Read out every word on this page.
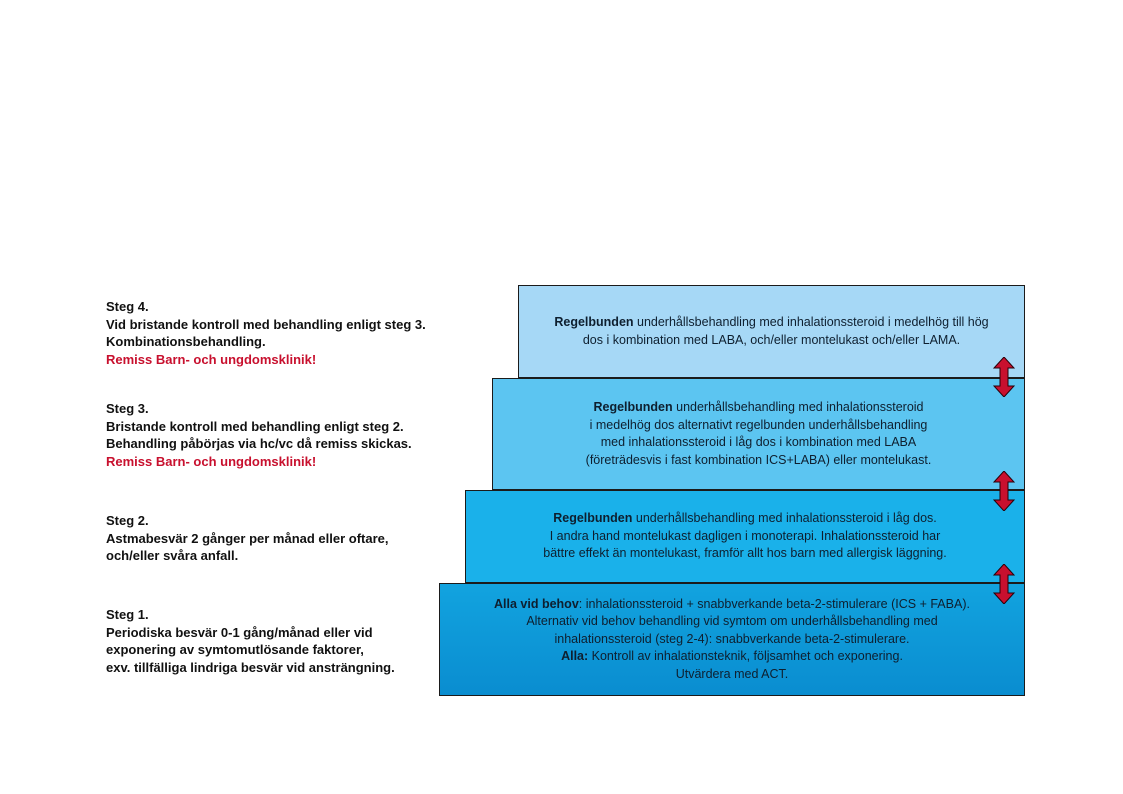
Steg 4.
Vid bristande kontroll med behandling enligt steg 3.
Kombinationsbehandling.
Remiss Barn- och ungdomsklinik!
Steg 3.
Bristande kontroll med behandling enligt steg 2.
Behandling påbörjas via hc/vc då remiss skickas.
Remiss Barn- och ungdomsklinik!
Steg 2.
Astmabesvär 2 gånger per månad eller oftare,
och/eller svåra anfall.
Steg 1.
Periodiska besvär 0-1 gång/månad eller vid
exponering av symtomutlösande faktorer,
exv. tillfälliga lindriga besvär vid ansträngning.
Regelbunden underhållsbehandling med inhalationssteroid i medelhög till hög
dos i kombination med LABA, och/eller montelukast och/eller LAMA.
Regelbunden underhållsbehandling med inhalationssteroid
i medelhög dos alternativt regelbunden underhållsbehandling
med inhalationssteroid i låg dos i kombination med LABA
(företrädesvis i fast kombination ICS+LABA) eller montelukast.
Regelbunden underhållsbehandling med inhalationssteroid i låg dos.
I andra hand montelukast dagligen i monoterapi. Inhalationssteroid har
bättre effekt än montelukast, framför allt hos barn med allergisk läggning.
Alla vid behov: inhalationssteroid + snabbverkande beta-2-stimulerare (ICS + FABA).
Alternativ vid behov behandling vid symtom om underhållsbehandling med
inhalationssteroid (steg 2-4): snabbverkande beta-2-stimulerare.
Alla: Kontroll av inhalationsteknik, följsamhet och exponering.
Utvärdera med ACT.
